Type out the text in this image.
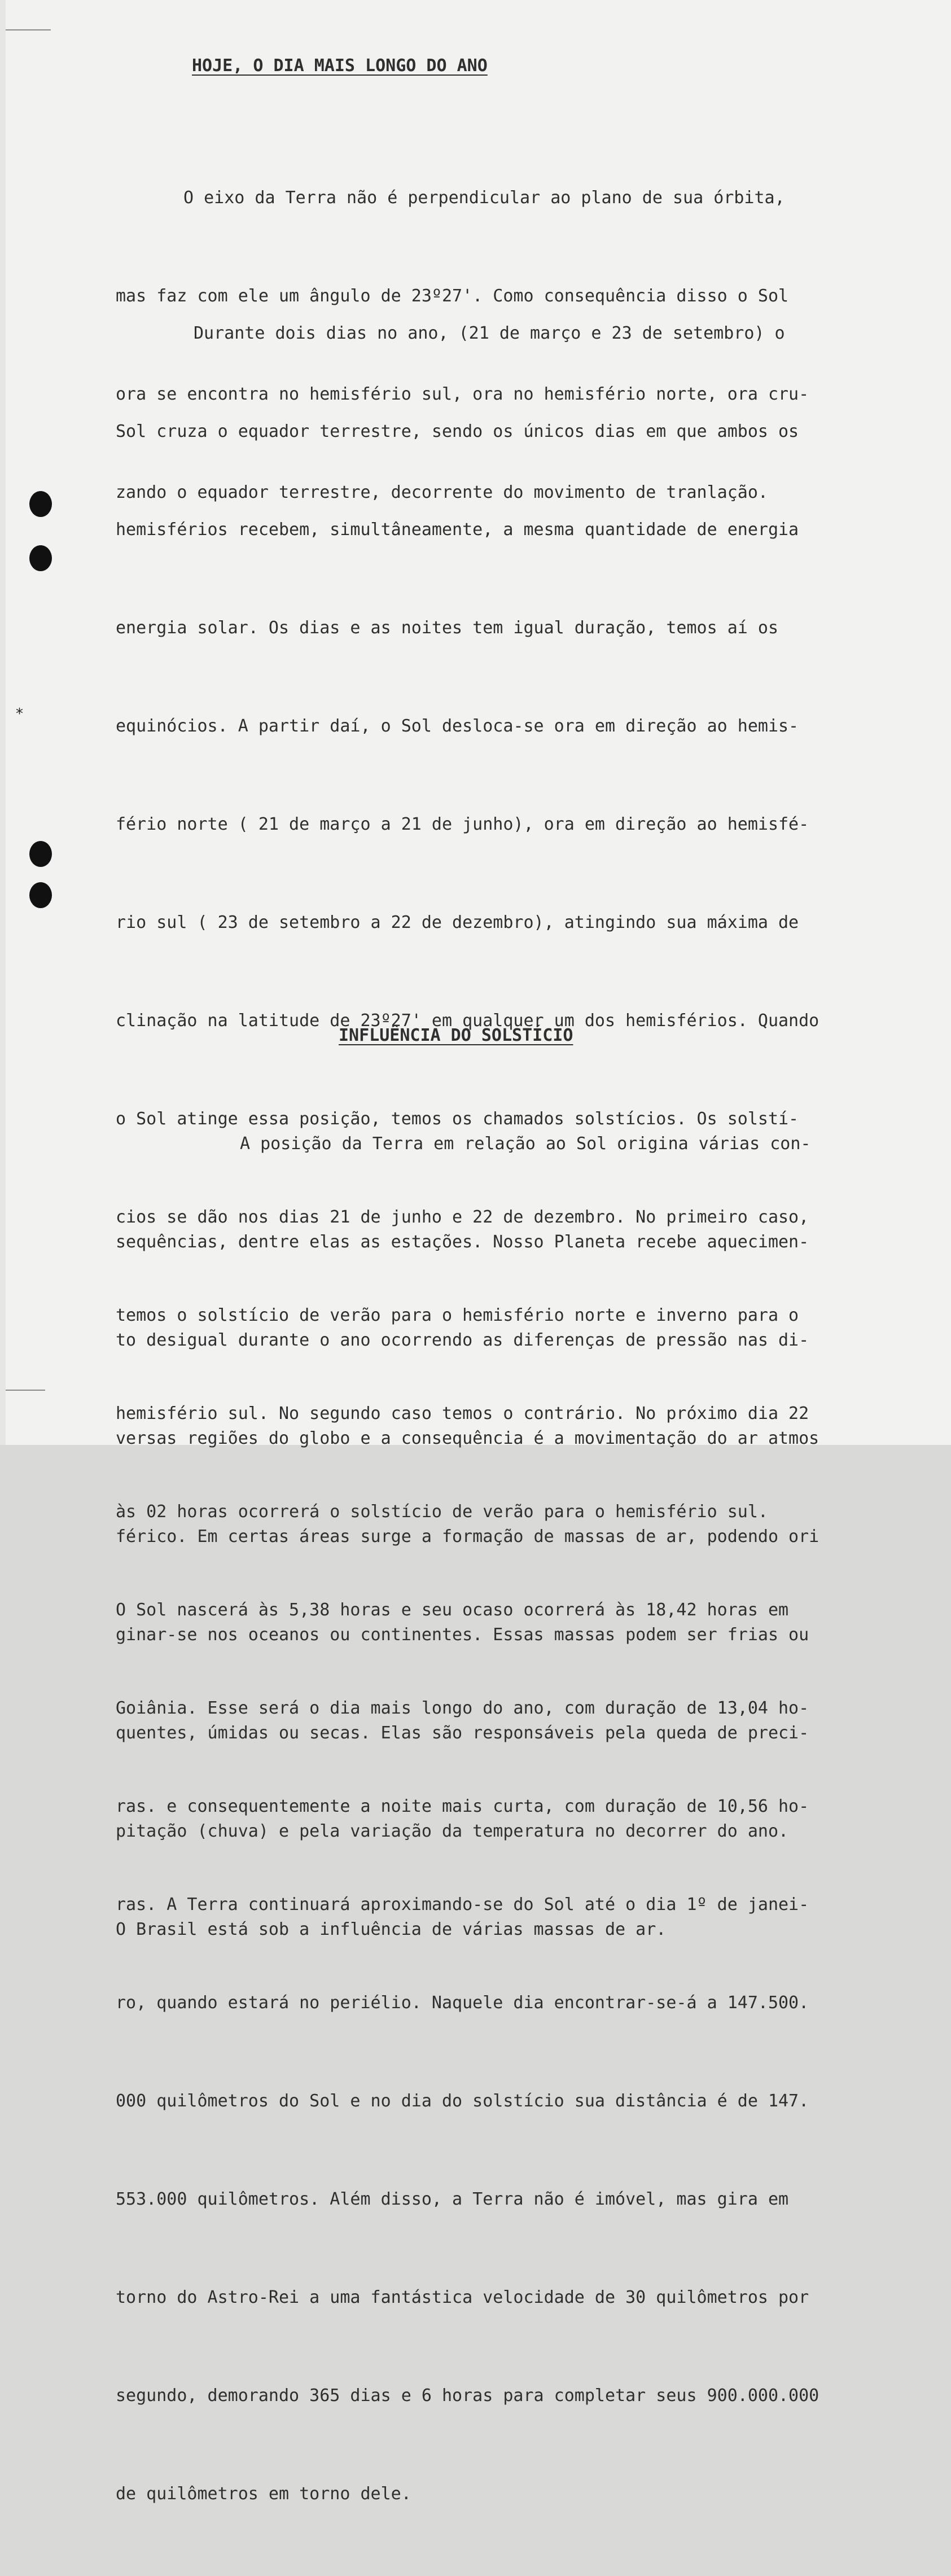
*
HOJE, O DIA MAIS LONGO DO ANO

O eixo da Terra não é perpendicular ao plano de sua órbita,

mas faz com ele um ângulo de 23º27'. Como consequência disso o Sol

ora se encontra no hemisfério sul, ora no hemisfério norte, ora cru-

zando o equador terrestre, decorrente do movimento de tranlação.

Durante dois dias no ano, (21 de março e 23 de setembro) o

Sol cruza o equador terrestre, sendo os únicos dias em que ambos os

hemisférios recebem, simultâneamente, a mesma quantidade de energia

energia solar. Os dias e as noites tem igual duração, temos aí os

equinócios. A partir daí, o Sol desloca-se ora em direção ao hemis-

fério norte ( 21 de março a 21 de junho), ora em direção ao hemisfé-

rio sul ( 23 de setembro a 22 de dezembro), atingindo sua máxima de

clinação na latitude de 23º27' em qualquer um dos hemisférios. Quando

o Sol atinge essa posição, temos os chamados solstícios. Os solstí-

cios se dão nos dias 21 de junho e 22 de dezembro. No primeiro caso,

temos o solstício de verão para o hemisfério norte e inverno para o

hemisfério sul. No segundo caso temos o contrário. No próximo dia 22

às 02 horas ocorrerá o solstício de verão para o hemisfério sul.

O Sol nascerá às 5,38 horas e seu ocaso ocorrerá às 18,42 horas em

Goiânia. Esse será o dia mais longo do ano, com duração de 13,04 ho-

ras. e consequentemente a noite mais curta, com duração de 10,56 ho-

ras. A Terra continuará aproximando-se do Sol até o dia 1º de janei-

ro, quando estará no periélio. Naquele dia encontrar-se-á a 147.500.

000 quilômetros do Sol e no dia do solstício sua distância é de 147.

553.000 quilômetros. Além disso, a Terra não é imóvel, mas gira em

torno do Astro-Rei a uma fantástica velocidade de 30 quilômetros por

segundo, demorando 365 dias e 6 horas para completar seus 900.000.000

de quilômetros em torno dele.

INFLUÊNCIA DO SOLSTÍCIO

A posição da Terra em relação ao Sol origina várias con-

sequências, dentre elas as estações. Nosso Planeta recebe aquecimen-

to desigual durante o ano ocorrendo as diferenças de pressão nas di-

versas regiões do globo e a consequência é a movimentação do ar atmos

férico. Em certas áreas surge a formação de massas de ar, podendo ori

ginar-se nos oceanos ou continentes. Essas massas podem ser frias ou

quentes, úmidas ou secas. Elas são responsáveis pela queda de preci-

pitação (chuva) e pela variação da temperatura no decorrer do ano.

O Brasil está sob a influência de várias massas de ar.
